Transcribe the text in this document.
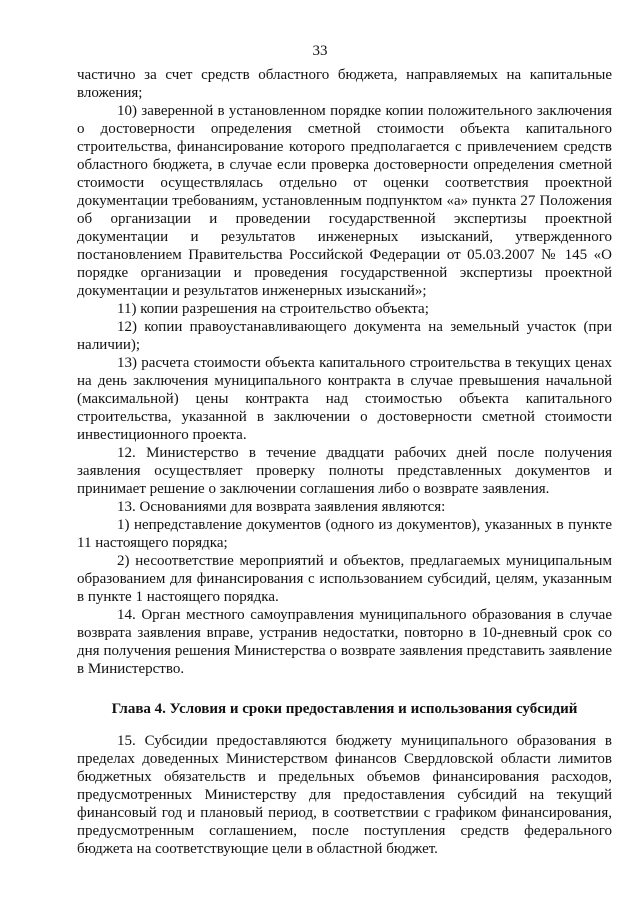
33

частично за счет средств областного бюджета, направляемых на капитальные вложения;

10) заверенной в установленном порядке копии положительного заключения о достоверности определения сметной стоимости объекта капитального строительства, финансирование которого предполагается с привлечением средств областного бюджета, в случае если проверка достоверности определения сметной стоимости осуществлялась отдельно от оценки соответствия проектной документации требованиям, установленным подпунктом «а» пункта 27 Положения об организации и проведении государственной экспертизы проектной документации и результатов инженерных изысканий, утвержденного постановлением Правительства Российской Федерации от 05.03.2007 № 145 «О порядке организации и проведения государственной экспертизы проектной документации и результатов инженерных изысканий»;

11) копии разрешения на строительство объекта;

12) копии правоустанавливающего документа на земельный участок (при наличии);

13) расчета стоимости объекта капитального строительства в текущих ценах на день заключения муниципального контракта в случае превышения начальной (максимальной) цены контракта над стоимостью объекта капитального строительства, указанной в заключении о достоверности сметной стоимости инвестиционного проекта.

12. Министерство в течение двадцати рабочих дней после получения заявления осуществляет проверку полноты представленных документов и принимает решение о заключении соглашения либо о возврате заявления.

13. Основаниями для возврата заявления являются:

1) непредставление документов (одного из документов), указанных в пункте 11 настоящего порядка;

2) несоответствие мероприятий и объектов, предлагаемых муниципальным образованием для финансирования с использованием субсидий, целям, указанным в пункте 1 настоящего порядка.

14. Орган местного самоуправления муниципального образования в случае возврата заявления вправе, устранив недостатки, повторно в 10-дневный срок со дня получения решения Министерства о возврате заявления представить заявление в Министерство.

Глава 4. Условия и сроки предоставления и использования субсидий

15. Субсидии предоставляются бюджету муниципального образования в пределах доведенных Министерством финансов Свердловской области лимитов бюджетных обязательств и предельных объемов финансирования расходов, предусмотренных Министерству для предоставления субсидий на текущий финансовый год и плановый период, в соответствии с графиком финансирования, предусмотренным соглашением, после поступления средств федерального бюджета на соответствующие цели в областной бюджет.
